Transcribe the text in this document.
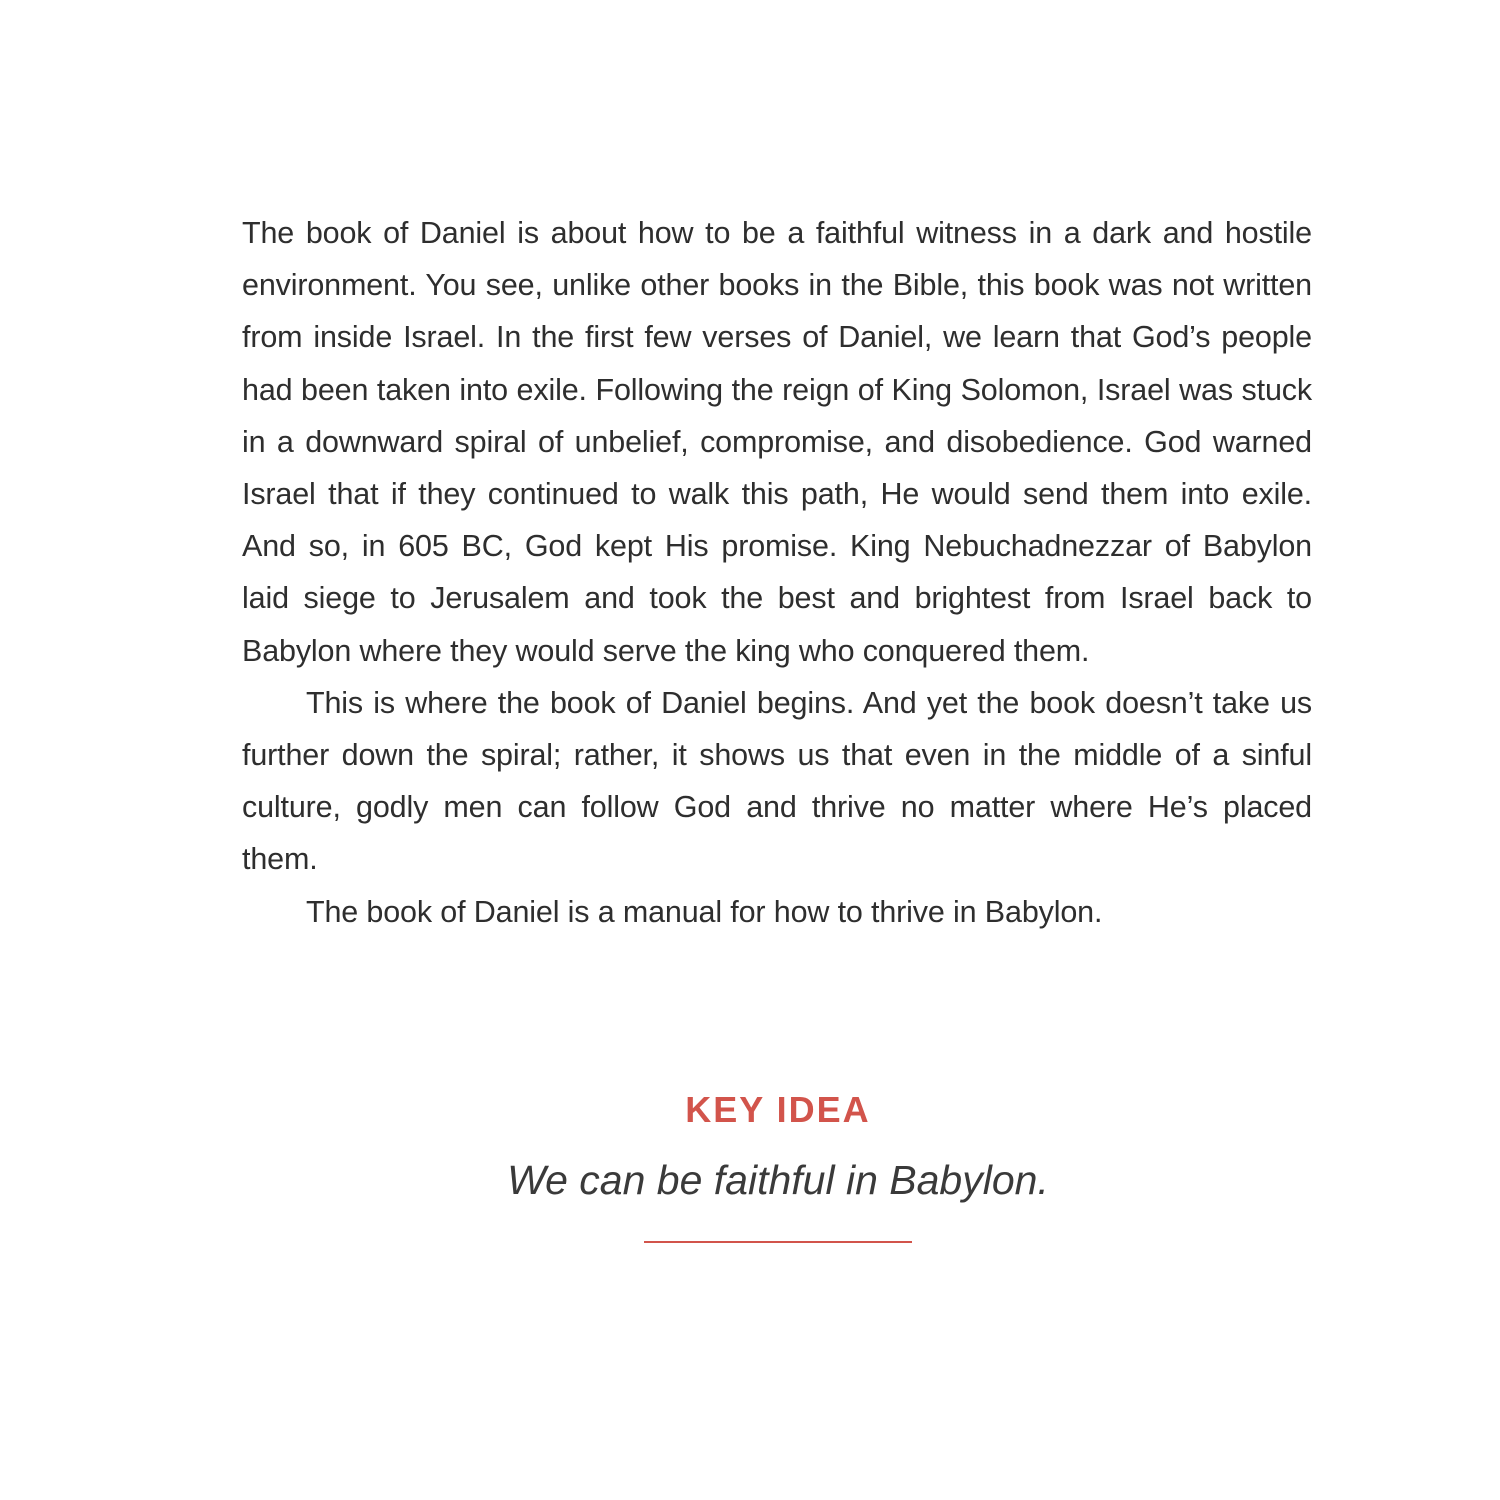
The book of Daniel is about how to be a faithful witness in a dark and hostile environment. You see, unlike other books in the Bible, this book was not written from inside Israel. In the first few verses of Daniel, we learn that God’s people had been taken into exile. Following the reign of King Solomon, Israel was stuck in a downward spiral of unbelief, compromise, and disobedience. God warned Israel that if they continued to walk this path, He would send them into exile. And so, in 605 BC, God kept His promise. King Nebuchadnezzar of Babylon laid siege to Jerusalem and took the best and brightest from Israel back to Babylon where they would serve the king who conquered them.

This is where the book of Daniel begins. And yet the book doesn’t take us further down the spiral; rather, it shows us that even in the middle of a sinful culture, godly men can follow God and thrive no matter where He’s placed them.

The book of Daniel is a manual for how to thrive in Babylon.

KEY IDEA
We can be faithful in Babylon.
